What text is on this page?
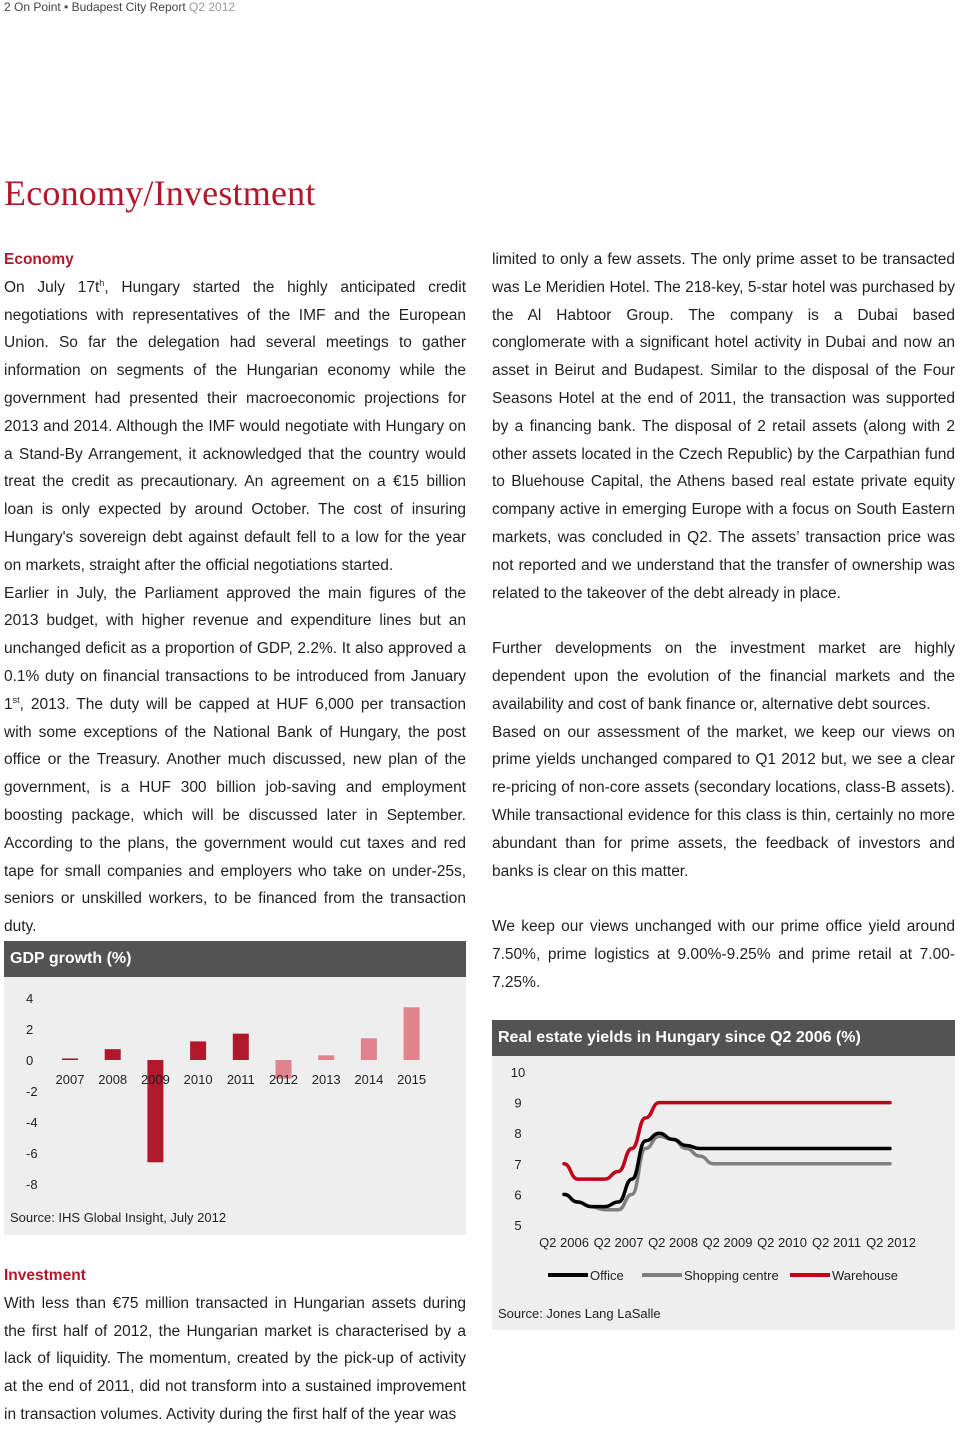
2 On Point • Budapest City Report Q2 2012
Economy/Investment

Economy

On July $17t^h$, Hungary started the highly anticipated credit negotiations with representatives of the IMF and the European Union. So far the delegation had several meetings to gather information on segments of the Hungarian economy while the government had presented their macroeconomic projections for 2013 and 2014. Although the IMF would negotiate with Hungary on a Stand-By Arrangement, it acknowledged that the country would treat the credit as precautionary. An agreement on a €15 billion loan is only expected by around October. The cost of insuring Hungary's sovereign debt against default fell to a low for the year on markets, straight after the official negotiations started.

Earlier in July, the Parliament approved the main figures of the 2013 budget, with higher revenue and expenditure lines but an unchanged deficit as a proportion of GDP, 2.2%. It also approved a 0.1% duty on financial transactions to be introduced from January 1st, 2013. The duty will be capped at HUF 6,000 per transaction with some exceptions of the National Bank of Hungary, the post office or the Treasury. Another much discussed, new plan of the government, is a HUF 300 billion job-saving and employment boosting package, which will be discussed later in September. According to the plans, the government would cut taxes and red tape for small companies and employers who take on under-25s, seniors or unskilled workers, to be financed from the transaction duty.

GDP growth (%)
4
2
0
-2
-4
-6
-8
2007 2008 2009 2010 2011 2012 2013 2014 2015
Source: IHS Global Insight, July 2012

Investment

With less than €75 million transacted in Hungarian assets during the first half of 2012, the Hungarian market is characterised by a lack of liquidity. The momentum, created by the pick-up of activity at the end of 2011, did not transform into a sustained improvement in transaction volumes. Activity during the first half of the year was

limited to only a few assets. The only prime asset to be transacted was Le Meridien Hotel. The 218-key, 5-star hotel was purchased by the Al Habtoor Group. The company is a Dubai based conglomerate with a significant hotel activity in Dubai and now an asset in Beirut and Budapest. Similar to the disposal of the Four Seasons Hotel at the end of 2011, the transaction was supported by a financing bank. The disposal of 2 retail assets (along with 2 other assets located in the Czech Republic) by the Carpathian fund to Bluehouse Capital, the Athens based real estate private equity company active in emerging Europe with a focus on South Eastern markets, was concluded in Q2. The assets’ transaction price was not reported and we understand that the transfer of ownership was related to the takeover of the debt already in place.

Further developments on the investment market are highly dependent upon the evolution of the financial markets and the availability and cost of bank finance or, alternative debt sources.

Based on our assessment of the market, we keep our views on prime yields unchanged compared to Q1 2012 but, we see a clear re-pricing of non-core assets (secondary locations, class-B assets). While transactional evidence for this class is thin, certainly no more abundant than for prime assets, the feedback of investors and banks is clear on this matter.

We keep our views unchanged with our prime office yield around 7.50%, prime logistics at 9.00%-9.25% and prime retail at 7.00-7.25%.

Real estate yields in Hungary since Q2 2006 (%)
10
9
8
7
6
5
Q2 2006 Q2 2007 Q2 2008 Q2 2009 Q2 2010 Q2 2011 Q2 2012
Office	Shopping centre	Warehouse
Source: Jones Lang LaSalle
